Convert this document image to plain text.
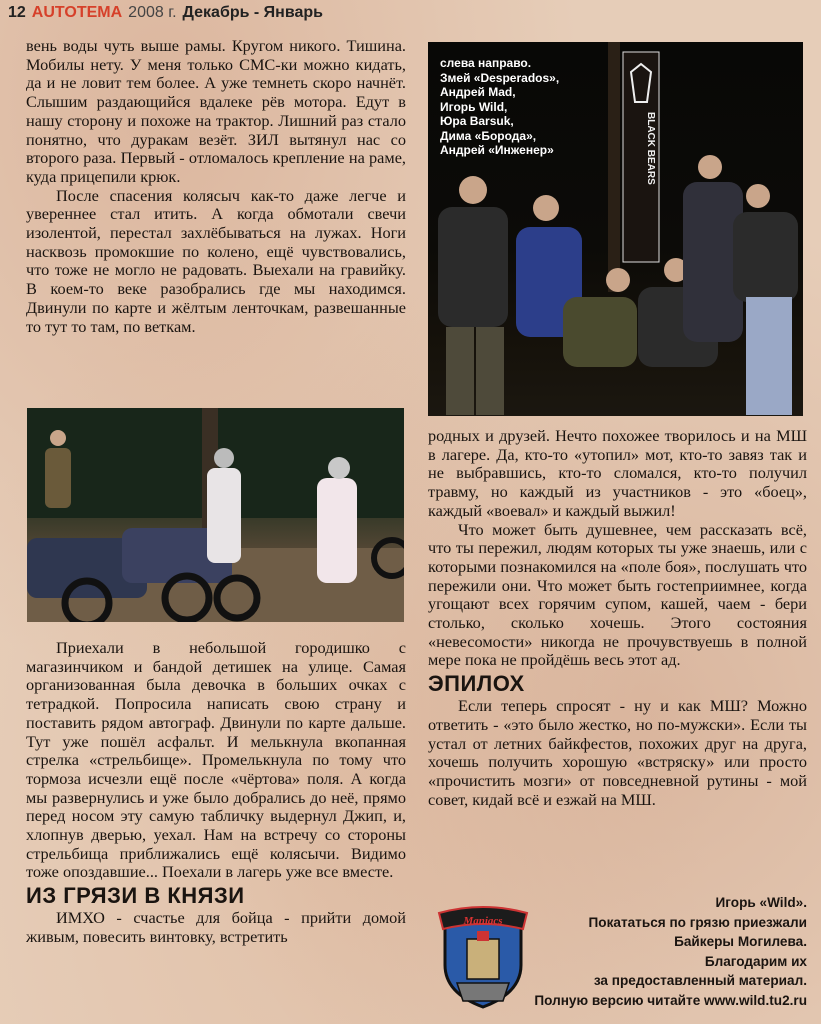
12 AUTOTEMA 2008 г. Декабрь - Январь

вень воды чуть выше рамы. Кругом никого. Тишина. Мобилы нету. У меня только СМС-ки можно кидать, да и не ловит тем более. А уже темнеть скоро начнёт. Слышим раздающийся вдалеке рёв мотора. Едут в нашу сторону и похоже на трактор. Лишний раз стало понятно, что дуракам везёт. ЗИЛ вытянул нас со второго раза. Первый - отломалось крепление на раме, куда прицепили крюк.

После спасения колясыч как-то даже легче и увереннее стал итить. А когда обмотали свечи изолентой, перестал захлёбываться на лужах. Ноги насквозь промокшие по колено, ещё чувствовались, что тоже не могло не радовать. Выехали на гравийку. В коем-то веке разобрались где мы находимся. Двинули по карте и жёлтым ленточкам, развешанные то тут то там, по веткам.

слева направо.
Змей «Desperados»,
Андрей Mad,
Игорь Wild,
Юра Barsuk,
Дима «Борода»,
Андрей «Инженер»
BLACK BEARS

Приехали в небольшой городишко с магазинчиком и бандой детишек на улице. Самая организованная была девочка в больших очках с тетрадкой. Попросила написать свою страну и поставить рядом автограф. Двинули по карте дальше. Тут уже пошёл асфальт. И мелькнула вкопанная стрелка «стрельбище». Промелькнула по тому что тормоза исчезли ещё после «чёртова» поля. А когда мы развернулись и уже было добрались до неё, прямо перед носом эту самую табличку выдернул Джип, и, хлопнув дверью, уехал. Нам на встречу со стороны стрельбища приближались ещё колясычи. Видимо тоже опоздавшие... Поехали в лагерь уже все вместе.

ИЗ ГРЯЗИ В КНЯЗИ

ИМХО - счастье для бойца - прийти домой живым, повесить винтовку, встретить

родных и друзей. Нечто похожее творилось и на МШ в лагере. Да, кто-то «утопил» мот, кто-то завяз так и не выбравшись, кто-то сломался, кто-то получил травму, но каждый из участников - это «боец», каждый «воевал» и каждый выжил!

Что может быть душевнее, чем рассказать всё, что ты пережил, людям которых ты уже знаешь, или с которыми познакомился на «поле боя», послушать что пережили они. Что может быть гостеприимнее, когда угощают всех горячим супом, кашей, чаем - бери столько, сколько хочешь. Этого состояния «невесомости» никогда не прочувствуешь в полной мере пока не пройдёшь весь этот ад.

ЭПИЛОХ

Если теперь спросят - ну и как МШ? Можно ответить - «это было жестко, но по-мужски». Если ты устал от летних байкфестов, похожих друг на друга, хочешь получить хорошую «встряску» или просто «прочистить мозги» от повседневной рутины - мой совет, кидай всё и езжай на МШ.

Maniacs
Игорь «Wild».
Покататься по грязю приезжали
Байкеры Могилева.
Благодарим их
за предоставленный материал.
Полную версию читайте www.wild.tu2.ru
